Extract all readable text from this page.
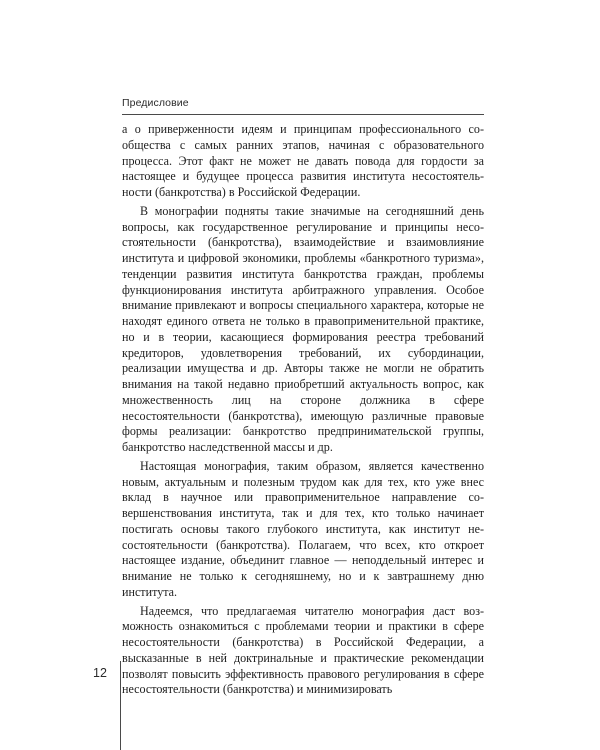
Предисловие

а о приверженности идеям и принципам профессионального сообщества с самых ранних этапов, начиная с образовательного процесса. Этот факт не может не давать повода для гордости за настоящее и будущее процесса развития института несостоятельности (банкротства) в Российской Федерации.

В монографии подняты такие значимые на сегодняшний день вопросы, как государственное регулирование и принципы несостоятельности (банкротства), взаимодействие и взаимовлияние института и цифровой экономики, проблемы «банкротного туризма», тенденции развития института банкротства граждан, проблемы функционирования института арбитражного управления. Особое внимание привлекают и вопросы специального характера, которые не находят единого ответа не только в правоприменительной практике, но и в теории, касающиеся формирования реестра требований кредиторов, удовлетворения требований, их субординации, реализации имущества и др. Авторы также не могли не обратить внимания на такой недавно приобретший актуальность вопрос, как множественность лиц на стороне должника в сфере несостоятельности (банкротства), имеющую различные правовые формы реализации: банкротство предпринимательской группы, банкротство наследственной массы и др.

Настоящая монография, таким образом, является качественно новым, актуальным и полезным трудом как для тех, кто уже внес вклад в научное или правоприменительное направление совершенствования института, так и для тех, кто только начинает постигать основы такого глубокого института, как институт несостоятельности (банкротства). Полагаем, что всех, кто откроет настоящее издание, объединит главное — неподдельный интерес и внимание не только к сегодняшнему, но и к завтрашнему дню института.

Надеемся, что предлагаемая читателю монография даст возможность ознакомиться с проблемами теории и практики в сфере несостоятельности (банкротства) в Российской Федерации, а высказанные в ней доктринальные и практические рекомендации позволят повысить эффективность правового регулирования в сфере несостоятельности (банкротства) и минимизировать

12
